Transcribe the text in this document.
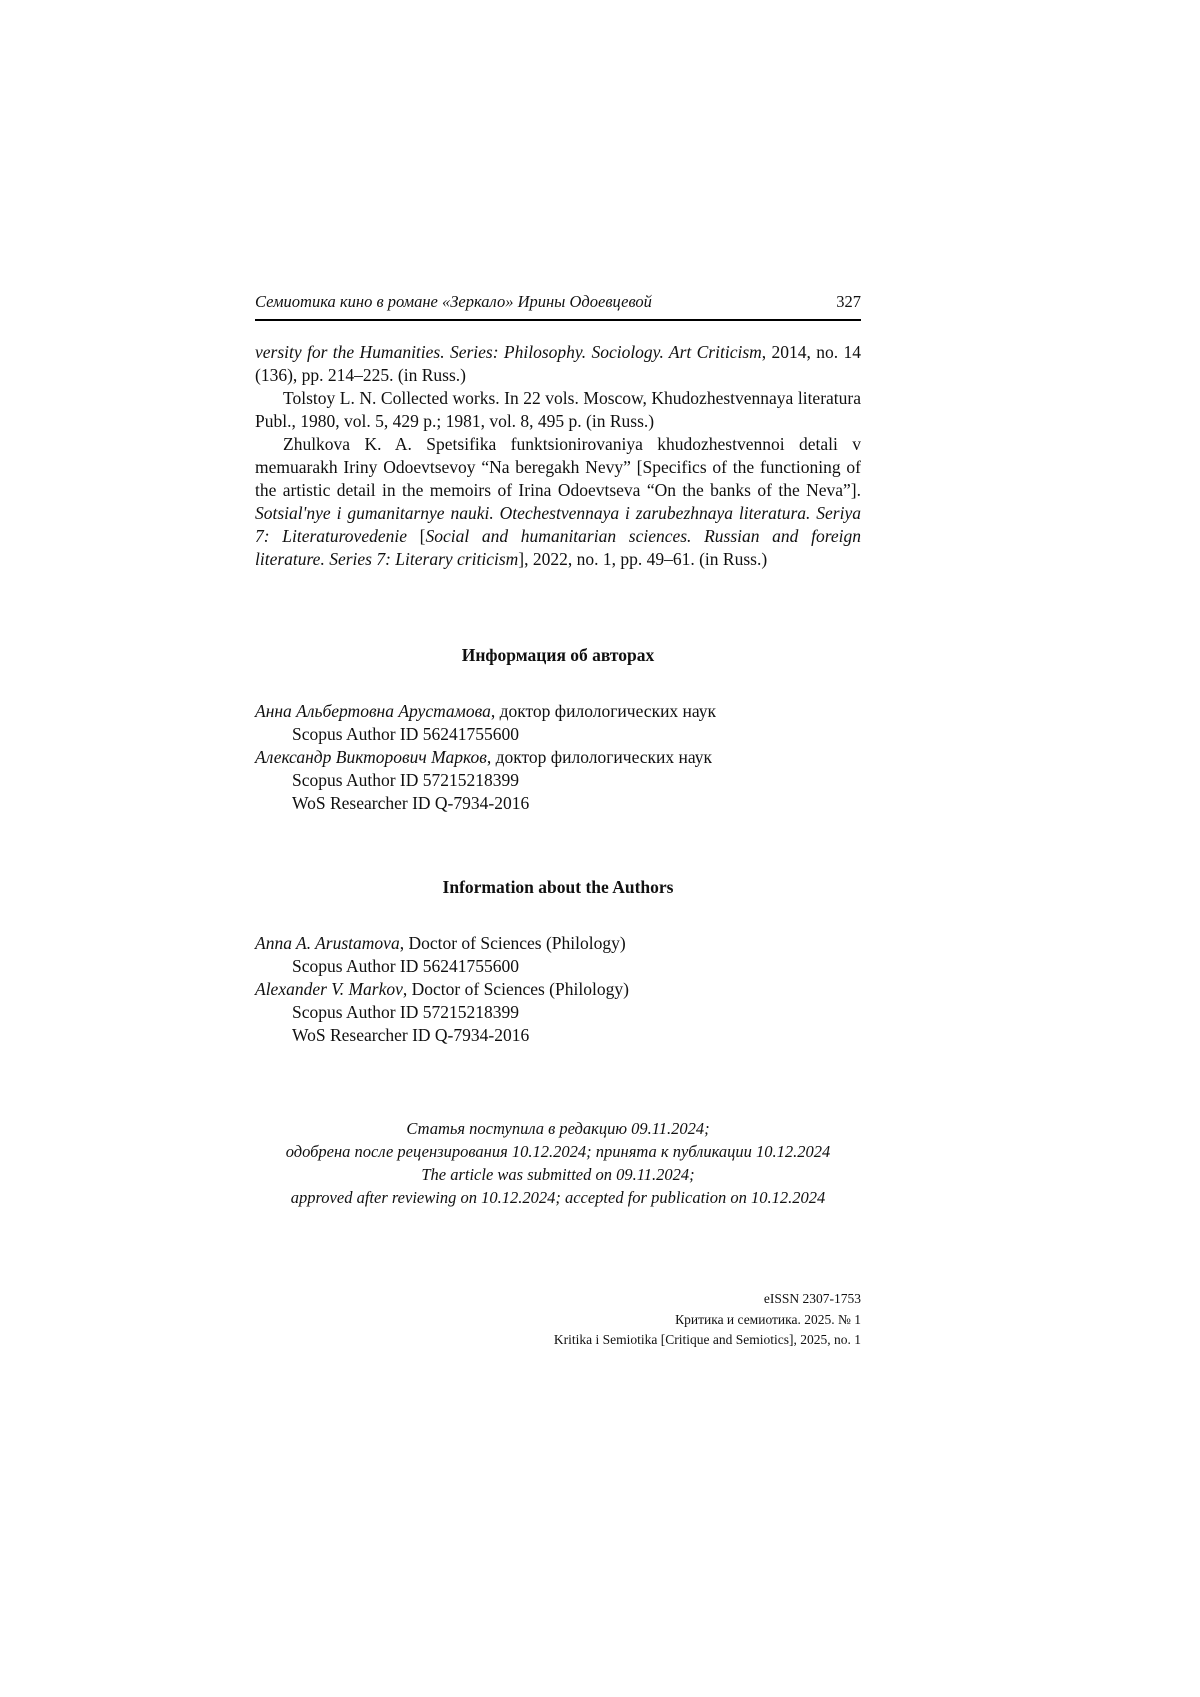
Семиотика кино в романе «Зеркало» Ирины Одоевцевой	327

versity for the Humanities. Series: Philosophy. Sociology. Art Criticism, 2014, no. 14 (136), pp. 214–225. (in Russ.)

Tolstoy L. N. Collected works. In 22 vols. Moscow, Khudozhestvennaya literatura Publ., 1980, vol. 5, 429 p.; 1981, vol. 8, 495 p. (in Russ.)

Zhulkova K. A. Spetsifika funktsionirovaniya khudozhestvennoi detali v memuarakh Iriny Odoevtsevoy “Na beregakh Nevy” [Specifics of the functioning of the artistic detail in the memoirs of Irina Odoevtseva “On the banks of the Neva”]. Sotsial'nye i gumanitarnye nauki. Otechestvennaya i zarubezhnaya literatura. Seriya 7: Literaturovedenie [Social and humanitarian sciences. Russian and foreign literature. Series 7: Literary criticism], 2022, no. 1, pp. 49–61. (in Russ.)

Информация об авторах

Анна Альбертовна Арустамова, доктор филологических наук

Scopus Author ID 56241755600

Александр Викторович Марков, доктор филологических наук

Scopus Author ID 57215218399

WoS Researcher ID Q-7934-2016

Information about the Authors

Anna A. Arustamova, Doctor of Sciences (Philology)

Scopus Author ID 56241755600

Alexander V. Markov, Doctor of Sciences (Philology)

Scopus Author ID 57215218399

WoS Researcher ID Q-7934-2016

Статья поступила в редакцию 09.11.2024;

одобрена после рецензирования 10.12.2024; принята к публикации 10.12.2024

The article was submitted on 09.11.2024;

approved after reviewing on 10.12.2024; accepted for publication on 10.12.2024

eISSN 2307-1753

Критика и семиотика. 2025. № 1

Kritika i Semiotika [Critique and Semiotics], 2025, no. 1
